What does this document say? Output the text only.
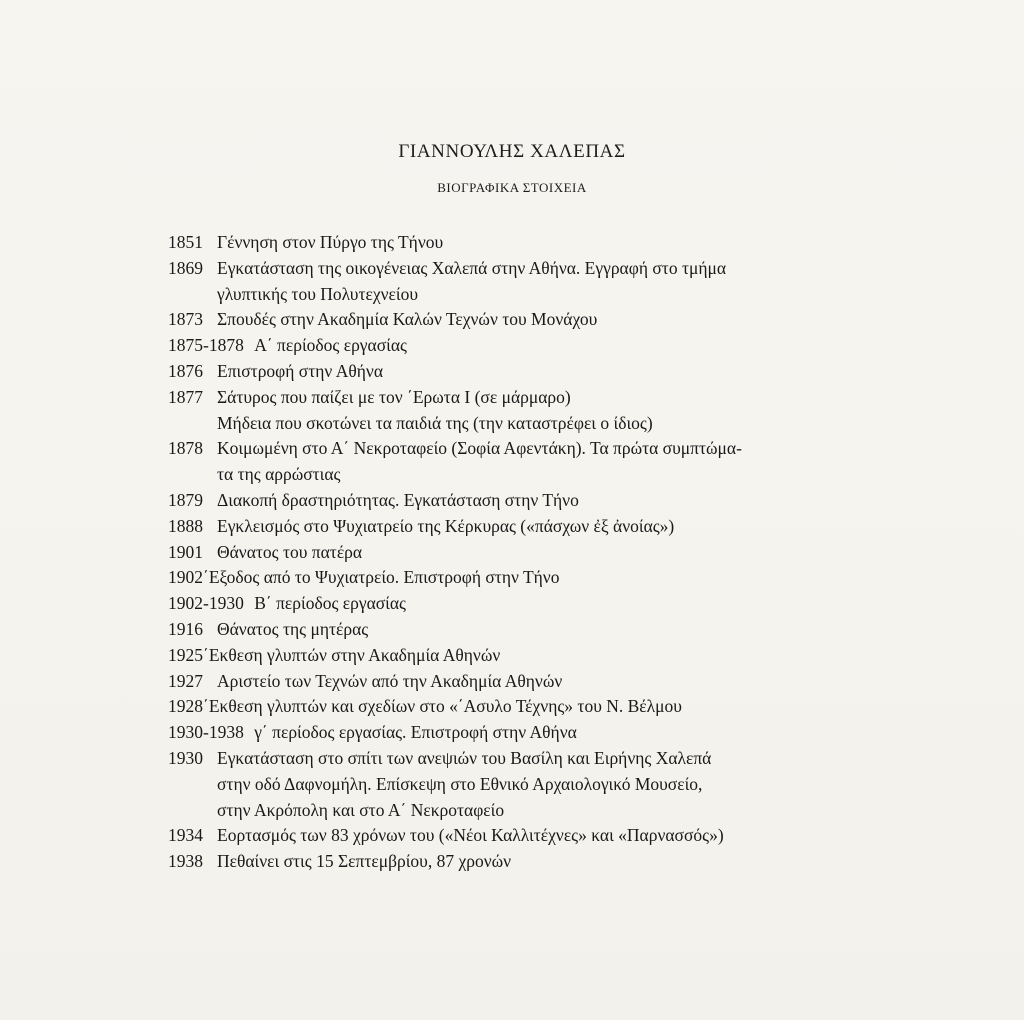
ΓΙΑΝΝΟΥΛΗΣ ΧΑΛΕΠΑΣ
ΒΙΟΓΡΑΦΙΚΑ ΣΤΟΙΧΕΙΑ
1851 Γέννηση στον Πύργο της Τήνου
1869 Εγκατάσταση της οικογένειας Χαλεπά στην Αθήνα. Εγγραφή στο τμήμα
γλυπτικής του Πολυτεχνείου
1873 Σπουδές στην Ακαδημία Καλών Τεχνών του Μονάχου
1875-1878 Α΄ περίοδος εργασίας
1876 Επιστροφή στην Αθήνα
1877 Σάτυρος που παίζει με τον ΄Ερωτα Ι (σε μάρμαρο)
Μήδεια που σκοτώνει τα παιδιά της (την καταστρέφει ο ίδιος)
1878 Κοιμωμένη στο Α΄ Νεκροταφείο (Σοφία Αφεντάκη). Τα πρώτα συμπτώμα-
τα της αρρώστιας
1879 Διακοπή δραστηριότητας. Εγκατάσταση στην Τήνο
1888 Εγκλεισμός στο Ψυχιατρείο της Κέρκυρας («πάσχων ἐξ ἀνοίας»)
1901 Θάνατος του πατέρα
1902΄Εξοδος από το Ψυχιατρείο. Επιστροφή στην Τήνο
1902-1930 Β΄ περίοδος εργασίας
1916 Θάνατος της μητέρας
1925΄Εκθεση γλυπτών στην Ακαδημία Αθηνών
1927 Αριστείο των Τεχνών από την Ακαδημία Αθηνών
1928΄Εκθεση γλυπτών και σχεδίων στο «΄Ασυλο Τέχνης» του Ν. Βέλμου
1930-1938 γ΄ περίοδος εργασίας. Επιστροφή στην Αθήνα
1930 Εγκατάσταση στο σπίτι των ανεψιών του Βασίλη και Ειρήνης Χαλεπά
στην οδό Δαφνομήλη. Επίσκεψη στο Εθνικό Αρχαιολογικό Μουσείο,
στην Ακρόπολη και στο Α΄ Νεκροταφείο
1934 Εορτασμός των 83 χρόνων του («Νέοι Καλλιτέχνες» και «Παρνασσός»)
1938 Πεθαίνει στις 15 Σεπτεμβρίου, 87 χρονών
